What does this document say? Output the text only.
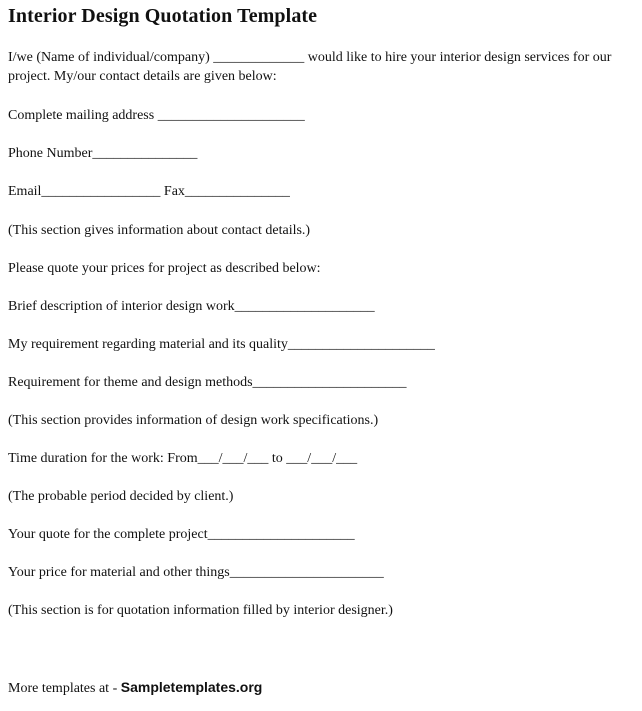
Interior Design Quotation Template
I/we (Name of individual/company) _____________ would like to hire your interior design services for our project. My/our contact details are given below:
Complete mailing address _____________________
Phone Number_______________
Email_________________ Fax_______________
(This section gives information about contact details.)
Please quote your prices for project as described below:
Brief description of interior design work____________________
My requirement regarding material and its quality_____________________
Requirement for theme and design methods______________________
(This section provides information of design work specifications.)
Time duration for the work: From___/___/___ to ___/___/___
(The probable period decided by client.)
Your quote for the complete project_____________________
Your price for material and other things______________________
(This section is for quotation information filled by interior designer.)
More templates at - Sampletemplates.org
